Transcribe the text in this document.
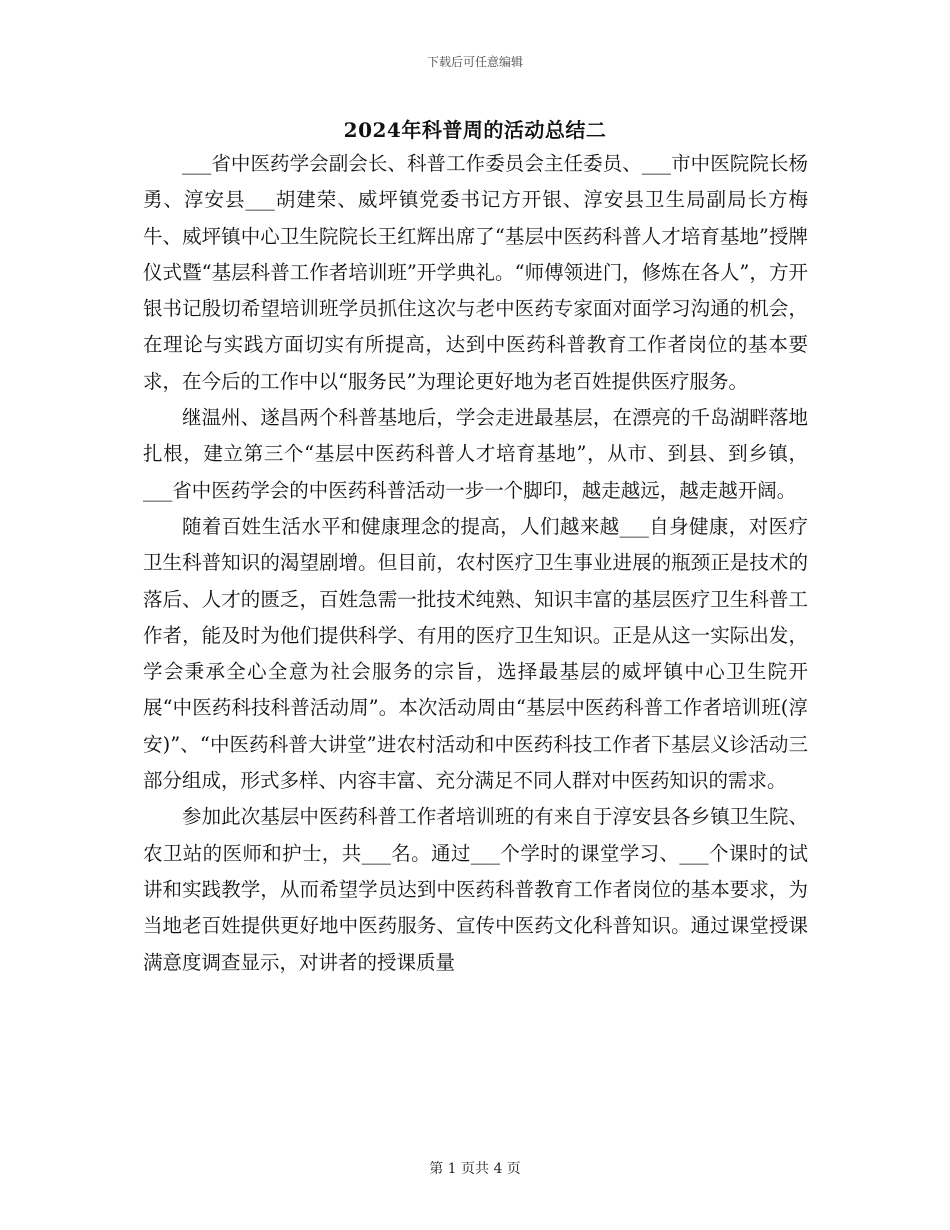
下载后可任意编辑
2024年科普周的活动总结二

___省中医药学会副会长、科普工作委员会主任委员、___市中医院院长杨勇、淳安县___胡建荣、威坪镇党委书记方开银、淳安县卫生局副局长方梅牛、威坪镇中心卫生院院长王红辉出席了“基层中医药科普人才培育基地”授牌仪式暨“基层科普工作者培训班”开学典礼。“师傅领进门，修炼在各人”，方开银书记殷切希望培训班学员抓住这次与老中医药专家面对面学习沟通的机会，在理论与实践方面切实有所提高，达到中医药科普教育工作者岗位的基本要求，在今后的工作中以“服务民”为理论更好地为老百姓提供医疗服务。

继温州、遂昌两个科普基地后，学会走进最基层，在漂亮的千岛湖畔落地扎根，建立第三个“基层中医药科普人才培育基地”，从市、到县、到乡镇，___省中医药学会的中医药科普活动一步一个脚印，越走越远，越走越开阔。

随着百姓生活水平和健康理念的提高，人们越来越___自身健康，对医疗卫生科普知识的渴望剧增。但目前，农村医疗卫生事业进展的瓶颈正是技术的落后、人才的匮乏，百姓急需一批技术纯熟、知识丰富的基层医疗卫生科普工作者，能及时为他们提供科学、有用的医疗卫生知识。正是从这一实际出发，学会秉承全心全意为社会服务的宗旨，选择最基层的威坪镇中心卫生院开展“中医药科技科普活动周”。本次活动周由“基层中医药科普工作者培训班(淳安)”、“中医药科普大讲堂”进农村活动和中医药科技工作者下基层义诊活动三部分组成，形式多样、内容丰富、充分满足不同人群对中医药知识的需求。

参加此次基层中医药科普工作者培训班的有来自于淳安县各乡镇卫生院、农卫站的医师和护士，共___名。通过___个学时的课堂学习、___个课时的试讲和实践教学，从而希望学员达到中医药科普教育工作者岗位的基本要求，为当地老百姓提供更好地中医药服务、宣传中医药文化科普知识。通过课堂授课满意度调查显示，对讲者的授课质量

第 1 页共 4 页
